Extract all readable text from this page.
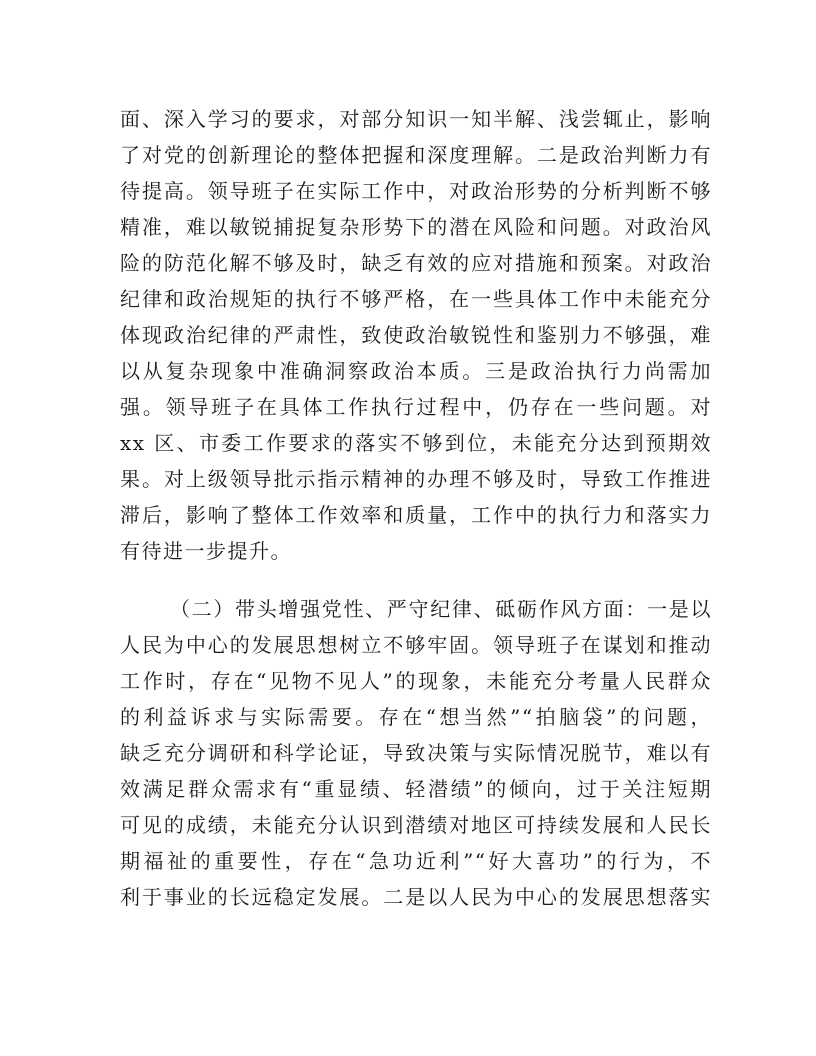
面、深入学习的要求，对部分知识一知半解、浅尝辄止，影响
了对党的创新理论的整体把握和深度理解。二是政治判断力有
待提高。领导班子在实际工作中，对政治形势的分析判断不够
精准，难以敏锐捕捉复杂形势下的潜在风险和问题。对政治风
险的防范化解不够及时，缺乏有效的应对措施和预案。对政治
纪律和政治规矩的执行不够严格，在一些具体工作中未能充分
体现政治纪律的严肃性，致使政治敏锐性和鉴别力不够强，难
以从复杂现象中准确洞察政治本质。三是政治执行力尚需加
强。领导班子在具体工作执行过程中，仍存在一些问题。对
xx 区、市委工作要求的落实不够到位，未能充分达到预期效
果。对上级领导批示指示精神的办理不够及时，导致工作推进
滞后，影响了整体工作效率和质量，工作中的执行力和落实力
有待进一步提升。
（二）带头增强党性、严守纪律、砥砺作风方面：一是以
人民为中心的发展思想树立不够牢固。领导班子在谋划和推动
工作时，存在“见物不见人”的现象，未能充分考量人民群众
的利益诉求与实际需要。存在“想当然”“拍脑袋”的问题，
缺乏充分调研和科学论证，导致决策与实际情况脱节，难以有
效满足群众需求有“重显绩、轻潜绩”的倾向，过于关注短期
可见的成绩，未能充分认识到潜绩对地区可持续发展和人民长
期福祉的重要性，存在“急功近利”“好大喜功”的行为，不
利于事业的长远稳定发展。二是以人民为中心的发展思想落实
